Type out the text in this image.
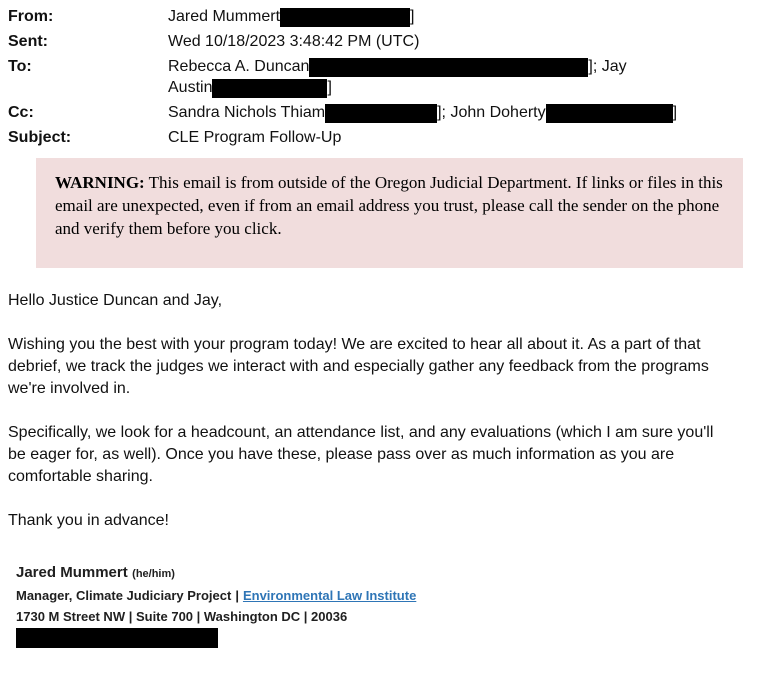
From:	Jared Mummert	]
Sent:	Wed 10/18/2023 3:48:42 PM (UTC)
To:	Rebecca A. Duncan	]; Jay
Austin	]
Cc:	Sandra Nichols Thiam	]; John Doherty	]
Subject:	CLE Program Follow-Up
WARNING: This email is from outside of the Oregon Judicial Department. If links or files in this email are unexpected, even if from an email address you trust, please call the sender on the phone and verify them before you click.

Hello Justice Duncan and Jay,

Wishing you the best with your program today! We are excited to hear all about it. As a part of that debrief, we track the judges we interact with and especially gather any feedback from the programs we're involved in.

Specifically, we look for a headcount, an attendance list, and any evaluations (which I am sure you'll be eager for, as well). Once you have these, please pass over as much information as you are comfortable sharing.

Thank you in advance!

Jared Mummert (he/him)
Manager, Climate Judiciary Project | Environmental Law Institute
1730 M Street NW | Suite 700 | Washington DC | 20036
